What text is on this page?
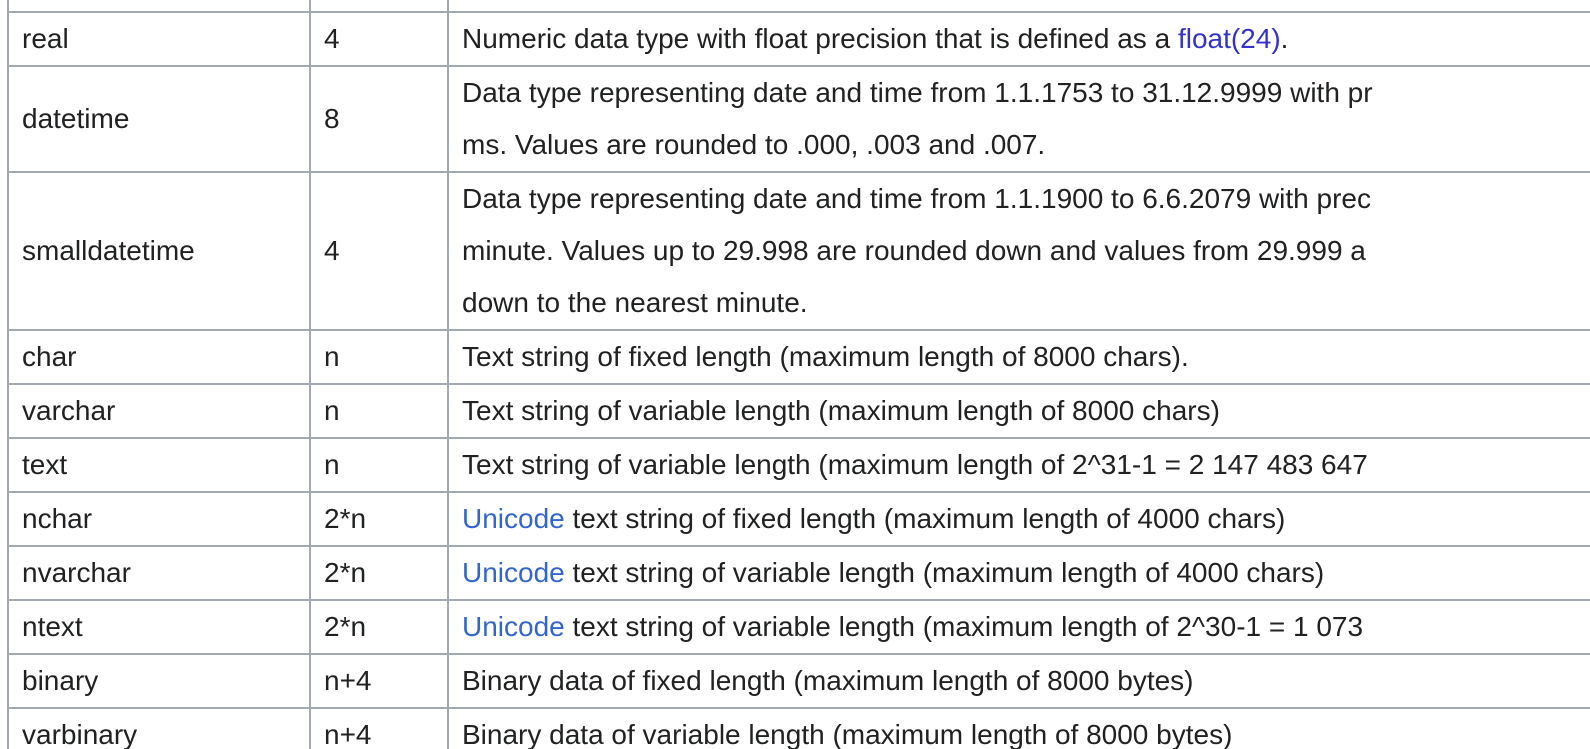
real	4	Numeric data type with float precision that is defined as a float(24).

datetime	8	Data type representing date and time from 1.1.1753 to 31.12.9999 with pr
ms. Values are rounded to .000, .003 and .007.

smalldatetime	4	Data type representing date and time from 1.1.1900 to 6.6.2079 with prec
minute. Values up to 29.998 are rounded down and values from 29.999 a
down to the nearest minute.

char	n	Text string of fixed length (maximum length of 8000 chars).

varchar	n	Text string of variable length (maximum length of 8000 chars)

text	n	Text string of variable length (maximum length of 2^31-1 = 2 147 483 647

nchar	2*n	Unicode text string of fixed length (maximum length of 4000 chars)

nvarchar	2*n	Unicode text string of variable length (maximum length of 4000 chars)

ntext	2*n	Unicode text string of variable length (maximum length of 2^30-1 = 1 073

binary	n+4	Binary data of fixed length (maximum length of 8000 bytes)

varbinary	n+4	Binary data of variable length (maximum length of 8000 bytes)
